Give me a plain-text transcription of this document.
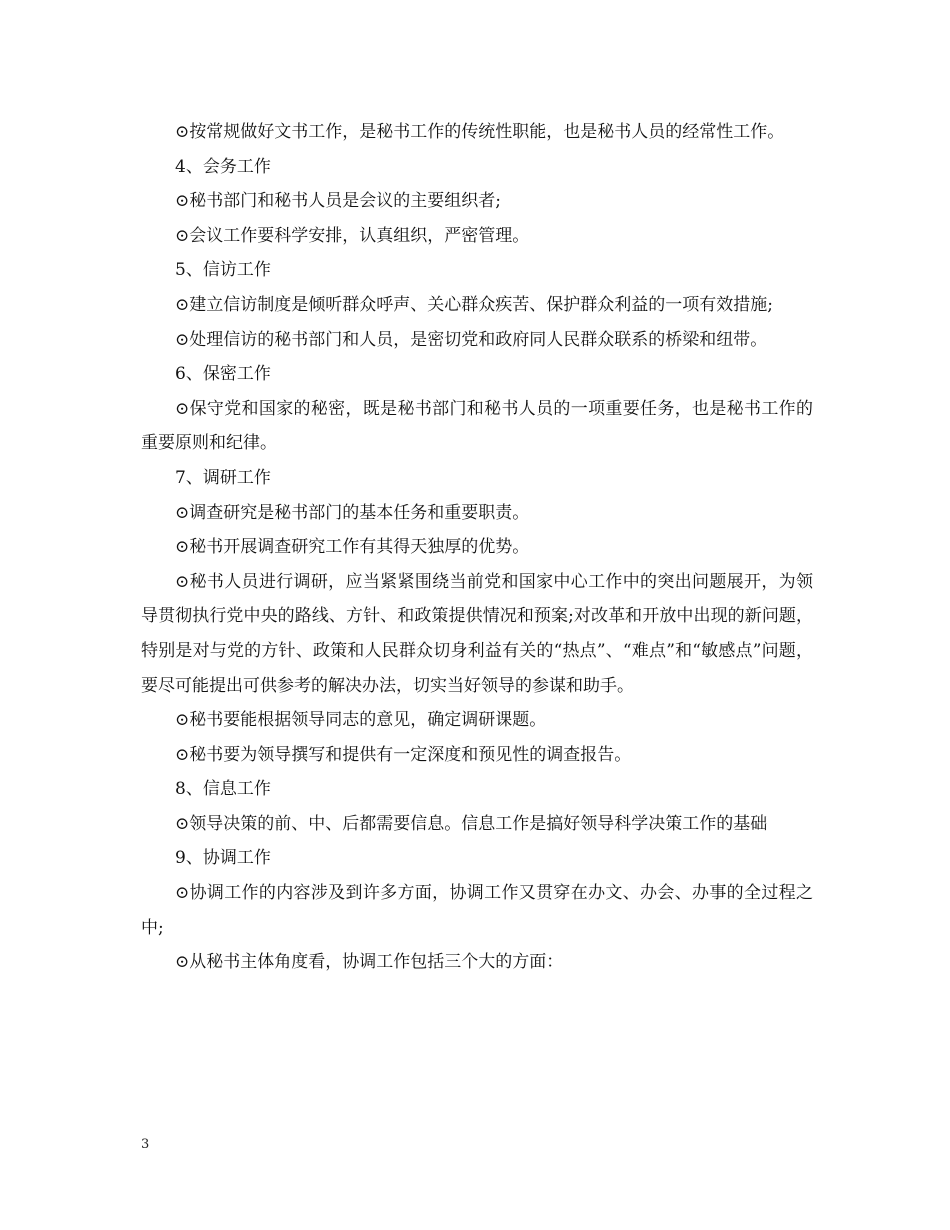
⊙按常规做好文书工作，是秘书工作的传统性职能，也是秘书人员的经常性工作。

4、会务工作

⊙秘书部门和秘书人员是会议的主要组织者;

⊙会议工作要科学安排，认真组织，严密管理。

5、信访工作

⊙建立信访制度是倾听群众呼声、关心群众疾苦、保护群众利益的一项有效措施;

⊙处理信访的秘书部门和人员，是密切党和政府同人民群众联系的桥梁和纽带。

6、保密工作

⊙保守党和国家的秘密，既是秘书部门和秘书人员的一项重要任务，也是秘书工作的重要原则和纪律。

7、调研工作

⊙调查研究是秘书部门的基本任务和重要职责。

⊙秘书开展调查研究工作有其得天独厚的优势。

⊙秘书人员进行调研，应当紧紧围绕当前党和国家中心工作中的突出问题展开，为领导贯彻执行党中央的路线、方针、和政策提供情况和预案;对改革和开放中出现的新问题，特别是对与党的方针、政策和人民群众切身利益有关的“热点”、“难点”和“敏感点”问题，要尽可能提出可供参考的解决办法，切实当好领导的参谋和助手。

⊙秘书要能根据领导同志的意见，确定调研课题。

⊙秘书要为领导撰写和提供有一定深度和预见性的调查报告。

8、信息工作

⊙领导决策的前、中、后都需要信息。信息工作是搞好领导科学决策工作的基础

9、协调工作

⊙协调工作的内容涉及到许多方面，协调工作又贯穿在办文、办会、办事的全过程之中;

⊙从秘书主体角度看，协调工作包括三个大的方面：

3
